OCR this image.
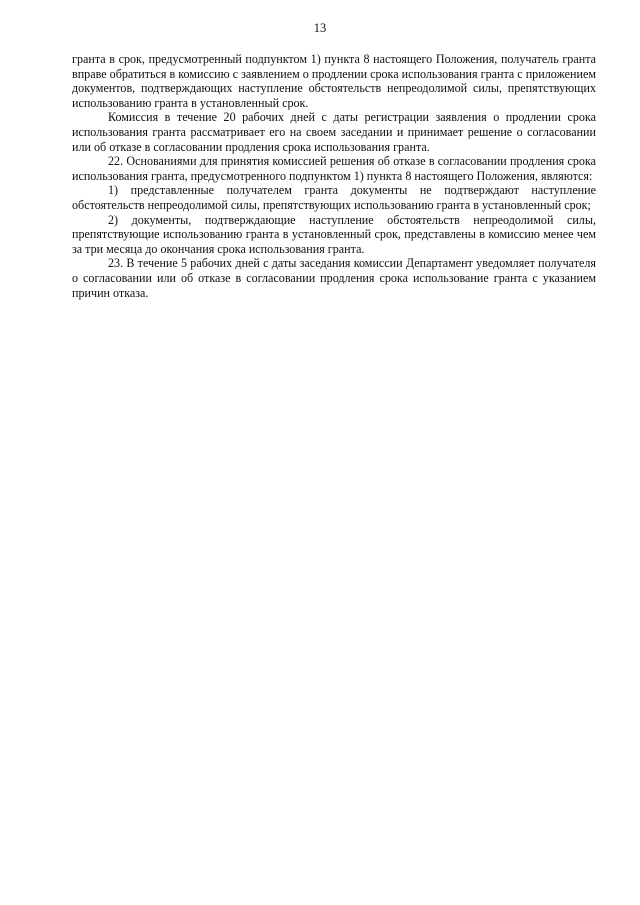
13

гранта в срок, предусмотренный подпунктом 1) пункта 8 настоящего Положения, получатель гранта вправе обратиться в комиссию с заявлением о продлении срока использования гранта с приложением документов, подтверждающих наступление обстоятельств непреодолимой силы, препятствующих использованию гранта в установленный срок.

Комиссия в течение 20 рабочих дней с даты регистрации заявления о продлении срока использования гранта рассматривает его на своем заседании и принимает решение о согласовании или об отказе в согласовании продления срока использования гранта.

22. Основаниями для принятия комиссией решения об отказе в согласовании продления срока использования гранта, предусмотренного подпунктом 1) пункта 8 настоящего Положения, являются:

1) представленные получателем гранта документы не подтверждают наступление обстоятельств непреодолимой силы, препятствующих использованию гранта в установленный срок;

2) документы, подтверждающие наступление обстоятельств непреодолимой силы, препятствующие использованию гранта в установленный срок, представлены в комиссию менее чем за три месяца до окончания срока использования гранта.

23. В течение 5 рабочих дней с даты заседания комиссии Департамент уведомляет получателя о согласовании или об отказе в согласовании продления срока использование гранта с указанием причин отказа.
